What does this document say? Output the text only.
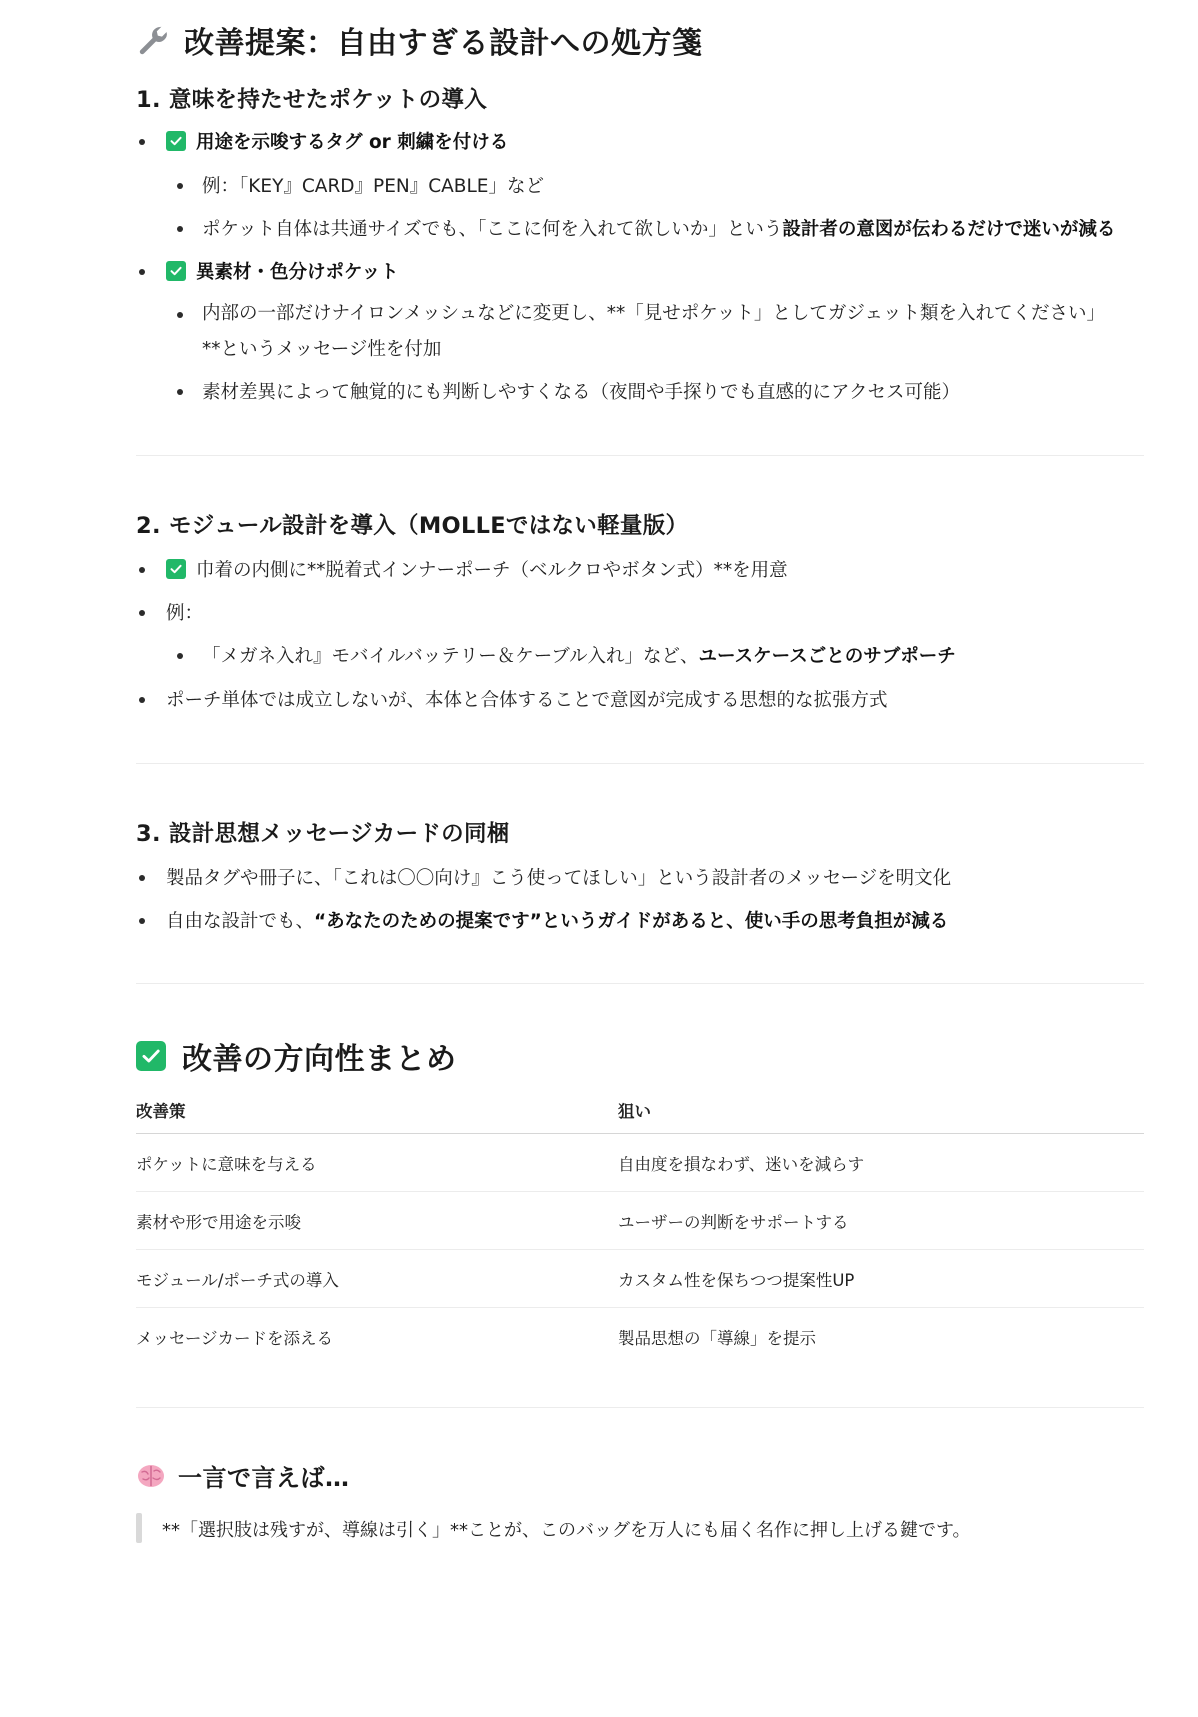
改善提案：自由すぎる設計への処方箋
1. 意味を持たせたポケットの導入
用途を示唆するタグ or 刺繍を付ける
例：「KEY』CARD』PEN』CABLE」など
ポケット自体は共通サイズでも、「ここに何を入れて欲しいか」という 設計者の意図が伝わるだけで迷いが減る
異素材・色分けポケット
内部の一部だけナイロンメッシュなどに変更し、**「見せポケット」としてガジェット類を入れてください」**というメッセージ性を付加
素材差異によって触覚的にも判断しやすくなる（夜間や手探りでも直感的にアクセス可能）
2. モジュール設計を導入（MOLLEではない軽量版）
巾着の内側に**脱着式インナーポーチ（ベルクロやボタン式）**を用意
例：
「メガネ入れ』モバイルバッテリー＆ケーブル入れ」など、 ユースケースごとのサブポーチ
ポーチ単体では成立しないが、本体と合体することで意図が完成する思想的な拡張方式
3. 設計思想メッセージカードの同梱
製品タグや冊子に、「これは〇〇向け』こう使ってほしい」という設計者のメッセージを明文化
自由な設計でも、 “あなたのための提案です”というガイドがあると、使い手の思考負担が減る
改善の方向性まとめ
改善策	狙い
ポケットに意味を与える	自由度を損なわず、迷いを減らす
素材や形で用途を示唆	ユーザーの判断をサポートする
モジュール/ポーチ式の導入	カスタム性を保ちつつ提案性UP
メッセージカードを添える	製品思想の「導線」を提示
一言で言えば…
**「選択肢は残すが、導線は引く」**ことが、このバッグを万人にも届く名作に押し上げる鍵です。
